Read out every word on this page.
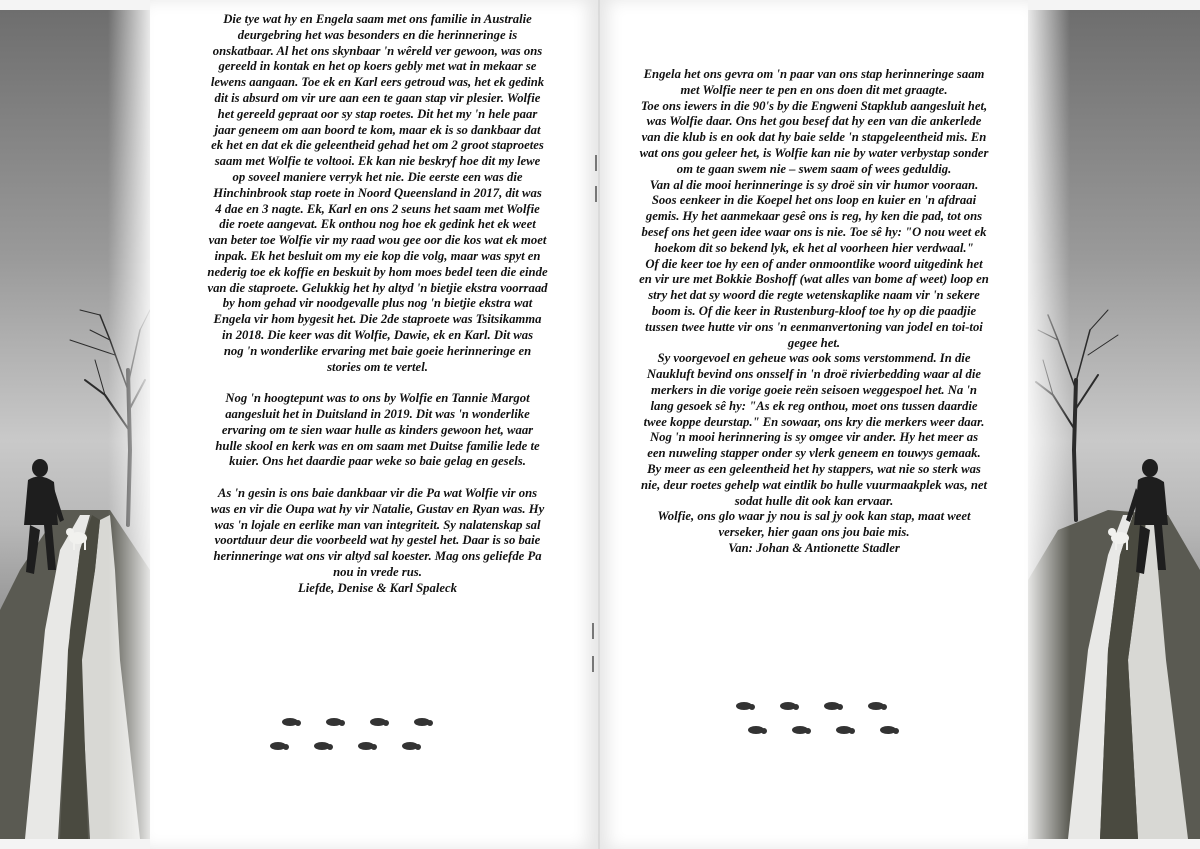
Die tye wat hy en Engela saam met ons familie in Australie
deurgebring het was besonders en die herinneringe is
onskatbaar. Al het ons skynbaar 'n wêreld ver gewoon, was ons
gereeld in kontak en het op koers gebly met wat in mekaar se
lewens aangaan. Toe ek en Karl eers getroud was, het ek gedink
dit is absurd om vir ure aan een te gaan stap vir plesier. Wolfie
het gereeld gepraat oor sy stap roetes. Dit het my 'n hele paar
jaar geneem om aan boord te kom, maar ek is so dankbaar dat
ek het en dat ek die geleentheid gehad het om 2 groot staproetes
saam met Wolfie te voltooi. Ek kan nie beskryf hoe dit my lewe
op soveel maniere verryk het nie. Die eerste een was die
Hinchinbrook stap roete in Noord Queensland in 2017, dit was
4 dae en 3 nagte. Ek, Karl en ons 2 seuns het saam met Wolfie
die roete aangevat. Ek onthou nog hoe ek gedink het ek weet
van beter toe Wolfie vir my raad wou gee oor die kos wat ek moet
inpak. Ek het besluit om my eie kop die volg, maar was spyt en
nederig toe ek koffie en beskuit by hom moes bedel teen die einde
van die staproete. Gelukkig het hy altyd 'n bietjie ekstra voorraad
by hom gehad vir noodgevalle plus nog 'n bietjie ekstra wat
Engela vir hom bygesit het. Die 2de staproete was Tsitsikamma
in 2018. Die keer was dit Wolfie, Dawie, ek en Karl. Dit was
nog 'n wonderlike ervaring met baie goeie herinneringe en
stories om te vertel.
Nog 'n hoogtepunt was to ons by Wolfie en Tannie Margot
aangesluit het in Duitsland in 2019. Dit was 'n wonderlike
ervaring om te sien waar hulle as kinders gewoon het, waar
hulle skool en kerk was en om saam met Duitse familie lede te
kuier. Ons het daardie paar weke so baie gelag en gesels.
As 'n gesin is ons baie dankbaar vir die Pa wat Wolfie vir ons
was en vir die Oupa wat hy vir Natalie, Gustav en Ryan was. Hy
was 'n lojale en eerlike man van integriteit. Sy nalatenskap sal
voortduur deur die voorbeeld wat hy gestel het. Daar is so baie
herinneringe wat ons vir altyd sal koester. Mag ons geliefde Pa
nou in vrede rus.
Liefde, Denise & Karl Spaleck
Engela het ons gevra om 'n paar van ons stap herinneringe saam
met Wolfie neer te pen en ons doen dit met graagte.
Toe ons iewers in die 90's by die Engweni Stapklub aangesluit het,
was Wolfie daar. Ons het gou besef dat hy een van die ankerlede
van die klub is en ook dat hy baie selde 'n stapgeleentheid mis. En
wat ons gou geleer het, is Wolfie kan nie by water verbystap sonder
om te gaan swem nie – swem saam of wees geduldig.
Van al die mooi herinneringe is sy droë sin vir humor vooraan.
Soos eenkeer in die Koepel het ons loop en kuier en 'n afdraai
gemis. Hy het aanmekaar gesê ons is reg, hy ken die pad, tot ons
besef ons het geen idee waar ons is nie. Toe sê hy: "O nou weet ek
hoekom dit so bekend lyk, ek het al voorheen hier verdwaal."
Of die keer toe hy een of ander onmoontlike woord uitgedink het
en vir ure met Bokkie Boshoff (wat alles van bome af weet) loop en
stry het dat sy woord die regte wetenskaplike naam vir 'n sekere
boom is. Of die keer in Rustenburg-kloof toe hy op die paadjie
tussen twee hutte vir ons 'n eenmanvertoning van jodel en toi-toi
gegee het.
Sy voorgevoel en geheue was ook soms verstommend. In die
Naukluft bevind ons onsself in 'n droë rivierbedding waar al die
merkers in die vorige goeie reën seisoen weggespoel het. Na 'n
lang gesoek sê hy: "As ek reg onthou, moet ons tussen daardie
twee koppe deurstap." En sowaar, ons kry die merkers weer daar.
Nog 'n mooi herinnering is sy omgee vir ander. Hy het meer as
een nuweling stapper onder sy vlerk geneem en touwys gemaak.
By meer as een geleentheid het hy stappers, wat nie so sterk was
nie, deur roetes gehelp wat eintlik bo hulle vuurmaakplek was, net
sodat hulle dit ook kan ervaar.
Wolfie, ons glo waar jy nou is sal jy ook kan stap, maat weet
verseker, hier gaan ons jou baie mis.
Van: Johan & Antionette Stadler
